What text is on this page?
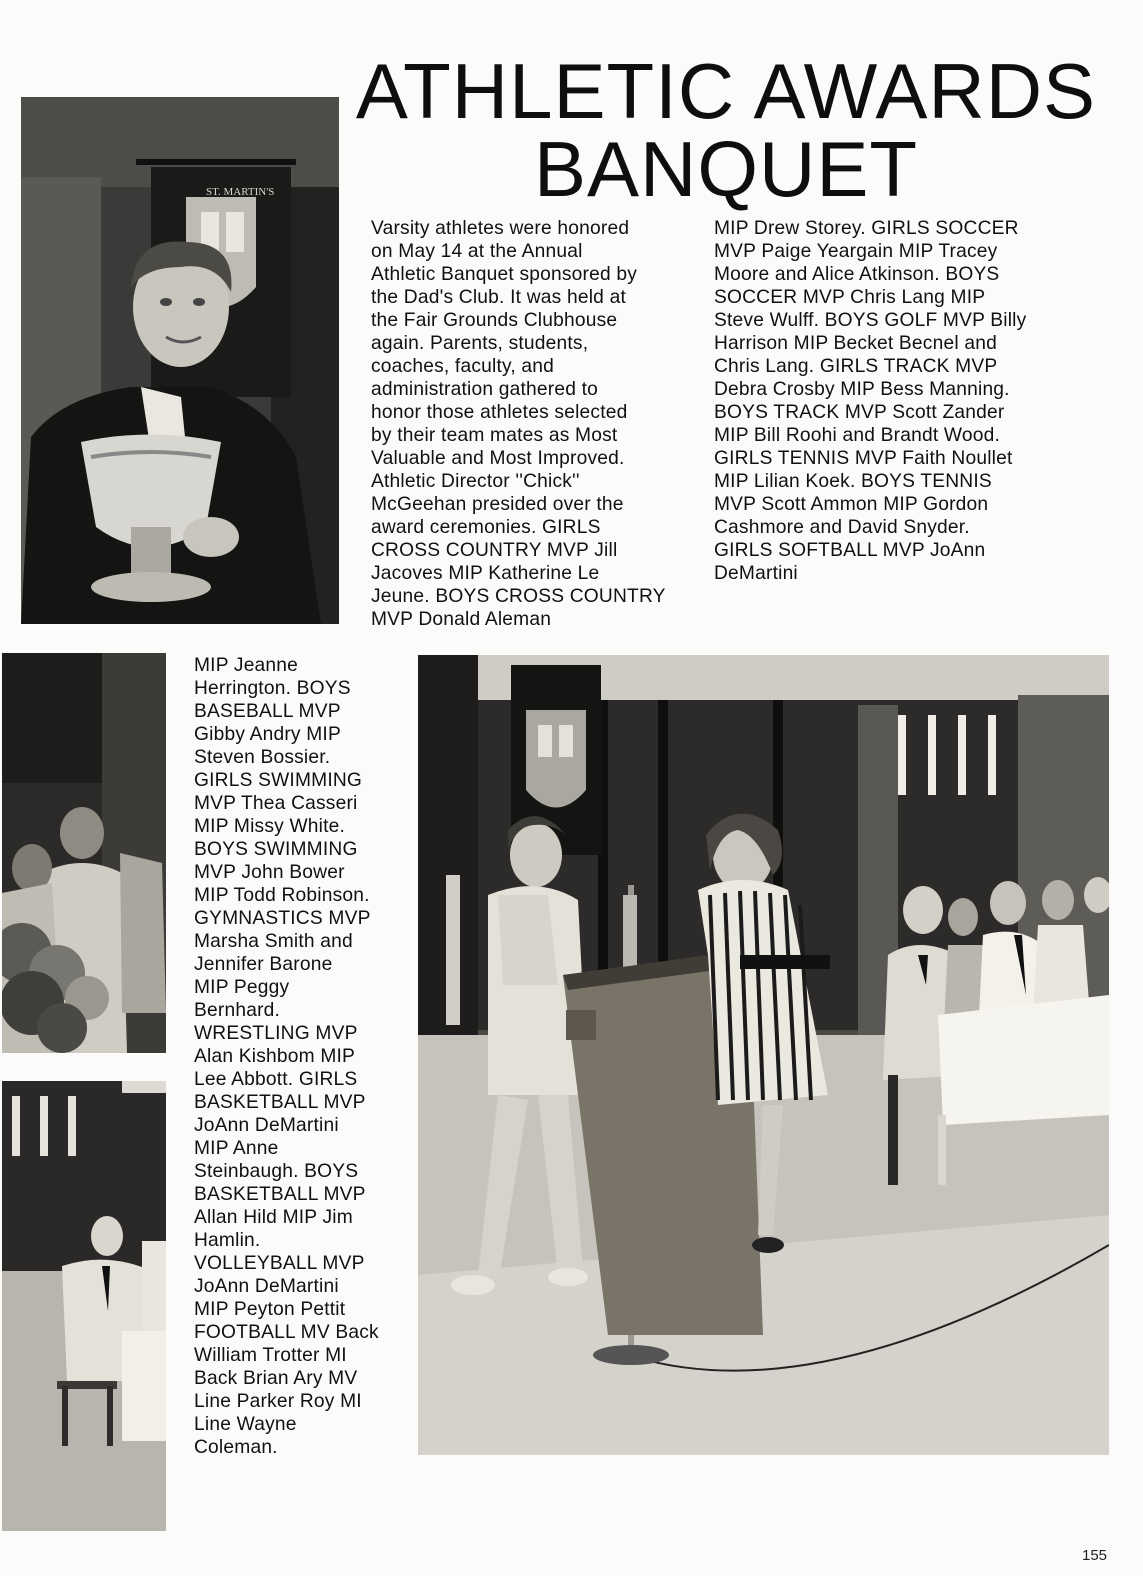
ATHLETIC AWARDS
BANQUET
ST. MARTIN'S
Varsity athletes were honored
on May 14 at the Annual
Athletic Banquet sponsored by
the Dad's Club. It was held at
the Fair Grounds Clubhouse
again. Parents, students,
coaches, faculty, and
administration gathered to
honor those athletes selected
by their team mates as Most
Valuable and Most Improved.
Athletic Director ''Chick''
McGeehan presided over the
award ceremonies. GIRLS
CROSS COUNTRY MVP Jill
Jacoves MIP Katherine Le
Jeune. BOYS CROSS COUNTRY
MVP Donald Aleman
MIP Drew Storey. GIRLS SOCCER
MVP Paige Yeargain MIP Tracey
Moore and Alice Atkinson. BOYS
SOCCER MVP Chris Lang MIP
Steve Wulff. BOYS GOLF MVP Billy
Harrison MIP Becket Becnel and
Chris Lang. GIRLS TRACK MVP
Debra Crosby MIP Bess Manning.
BOYS TRACK MVP Scott Zander
MIP Bill Roohi and Brandt Wood.
GIRLS TENNIS MVP Faith Noullet
MIP Lilian Koek. BOYS TENNIS
MVP Scott Ammon MIP Gordon
Cashmore and David Snyder.
GIRLS SOFTBALL MVP JoAnn
DeMartini
MIP Jeanne
Herrington. BOYS
BASEBALL MVP
Gibby Andry MIP
Steven Bossier.
GIRLS SWIMMING
MVP Thea Casseri
MIP Missy White.
BOYS SWIMMING
MVP John Bower
MIP Todd Robinson.
GYMNASTICS MVP
Marsha Smith and
Jennifer Barone
MIP Peggy
Bernhard.
WRESTLING MVP
Alan Kishbom MIP
Lee Abbott. GIRLS
BASKETBALL MVP
JoAnn DeMartini
MIP Anne
Steinbaugh. BOYS
BASKETBALL MVP
Allan Hild MIP Jim
Hamlin.
VOLLEYBALL MVP
JoAnn DeMartini
MIP Peyton Pettit
FOOTBALL MV Back
William Trotter MI
Back Brian Ary MV
Line Parker Roy MI
Line Wayne
Coleman.
155
